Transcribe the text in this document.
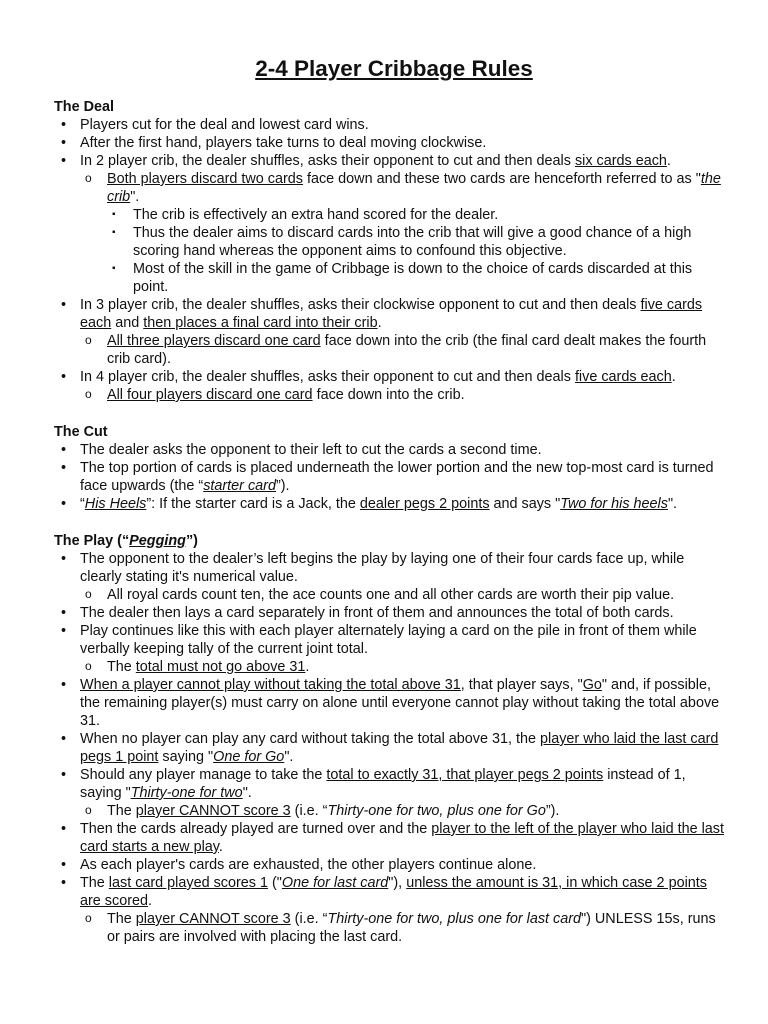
2-4 Player Cribbage Rules
The Deal
• Players cut for the deal and lowest card wins.
• After the first hand, players take turns to deal moving clockwise.
• In 2 player crib, the dealer shuffles, asks their opponent to cut and then deals six cards each.
o Both players discard two cards face down and these two cards are henceforth referred to as "the crib".
▪ The crib is effectively an extra hand scored for the dealer.
▪ Thus the dealer aims to discard cards into the crib that will give a good chance of a high scoring hand whereas the opponent aims to confound this objective.
▪ Most of the skill in the game of Cribbage is down to the choice of cards discarded at this point.
• In 3 player crib, the dealer shuffles, asks their clockwise opponent to cut and then deals five cards each and then places a final card into their crib.
o All three players discard one card face down into the crib (the final card dealt makes the fourth crib card).
• In 4 player crib, the dealer shuffles, asks their opponent to cut and then deals five cards each.
o All four players discard one card face down into the crib.
The Cut
• The dealer asks the opponent to their left to cut the cards a second time.
• The top portion of cards is placed underneath the lower portion and the new top-most card is turned face upwards (the “starter card”).
• “His Heels”: If the starter card is a Jack, the dealer pegs 2 points and says "Two for his heels".
The Play (“Pegging”)
• The opponent to the dealer’s left begins the play by laying one of their four cards face up, while clearly stating it's numerical value.
o All royal cards count ten, the ace counts one and all other cards are worth their pip value.
• The dealer then lays a card separately in front of them and announces the total of both cards.
• Play continues like this with each player alternately laying a card on the pile in front of them while verbally keeping tally of the current joint total.
o The total must not go above 31.
• When a player cannot play without taking the total above 31, that player says, "Go" and, if possible, the remaining player(s) must carry on alone until everyone cannot play without taking the total above 31.
• When no player can play any card without taking the total above 31, the player who laid the last card pegs 1 point saying "One for Go".
• Should any player manage to take the total to exactly 31, that player pegs 2 points instead of 1, saying "Thirty-one for two".
o The player CANNOT score 3 (i.e. “Thirty-one for two, plus one for Go”).
• Then the cards already played are turned over and the player to the left of the player who laid the last card starts a new play.
• As each player's cards are exhausted, the other players continue alone.
• The last card played scores 1 ("One for last card"), unless the amount is 31, in which case 2 points are scored.
o The player CANNOT score 3 (i.e. “Thirty-one for two, plus one for last card") UNLESS 15s, runs or pairs are involved with placing the last card.
